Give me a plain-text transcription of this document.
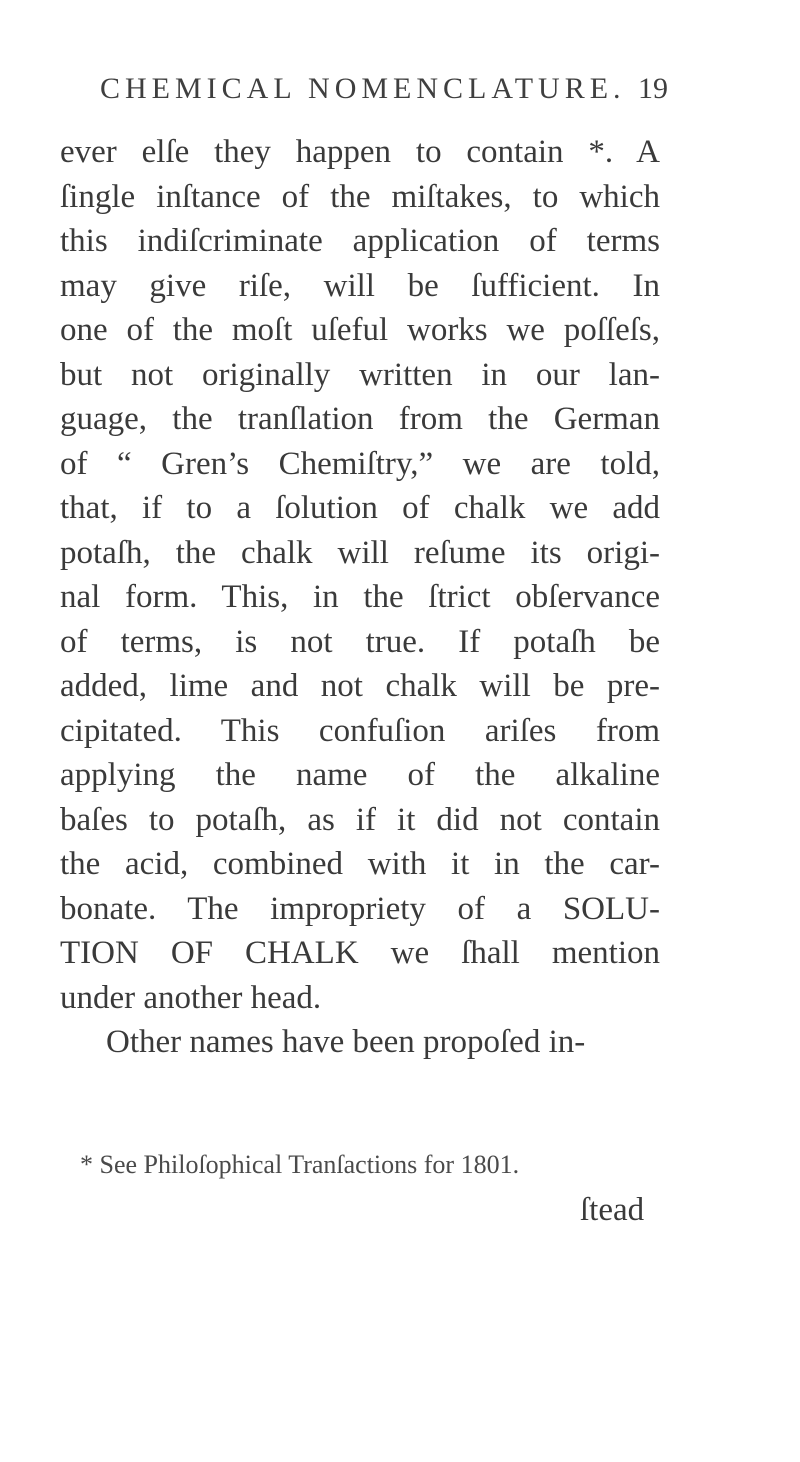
CHEMICAL NOMENCLATURE. 19
ever elſe they happen to contain *. A
ſingle inſtance of the miſtakes, to which
this indiſcriminate application of terms
may give riſe, will be ſufficient. In
one of the moſt uſeful works we poſſeſs,
but not originally written in our lan-
guage, the tranſlation from the German
of “ Gren’s Chemiſtry,” we are told,
that, if to a ſolution of chalk we add
potaſh, the chalk will reſume its origi-
nal form. This, in the ſtrict obſervance
of terms, is not true. If potaſh be
added, lime and not chalk will be pre-
cipitated. This confuſion ariſes from
applying the name of the alkaline
baſes to potaſh, as if it did not contain
the acid, combined with it in the car-
bonate. The impropriety of a SOLU-
TION OF CHALK we ſhall mention
under another head.
Other names have been propoſed in-
* See Philoſophical Tranſactions for 1801.
ſtead
